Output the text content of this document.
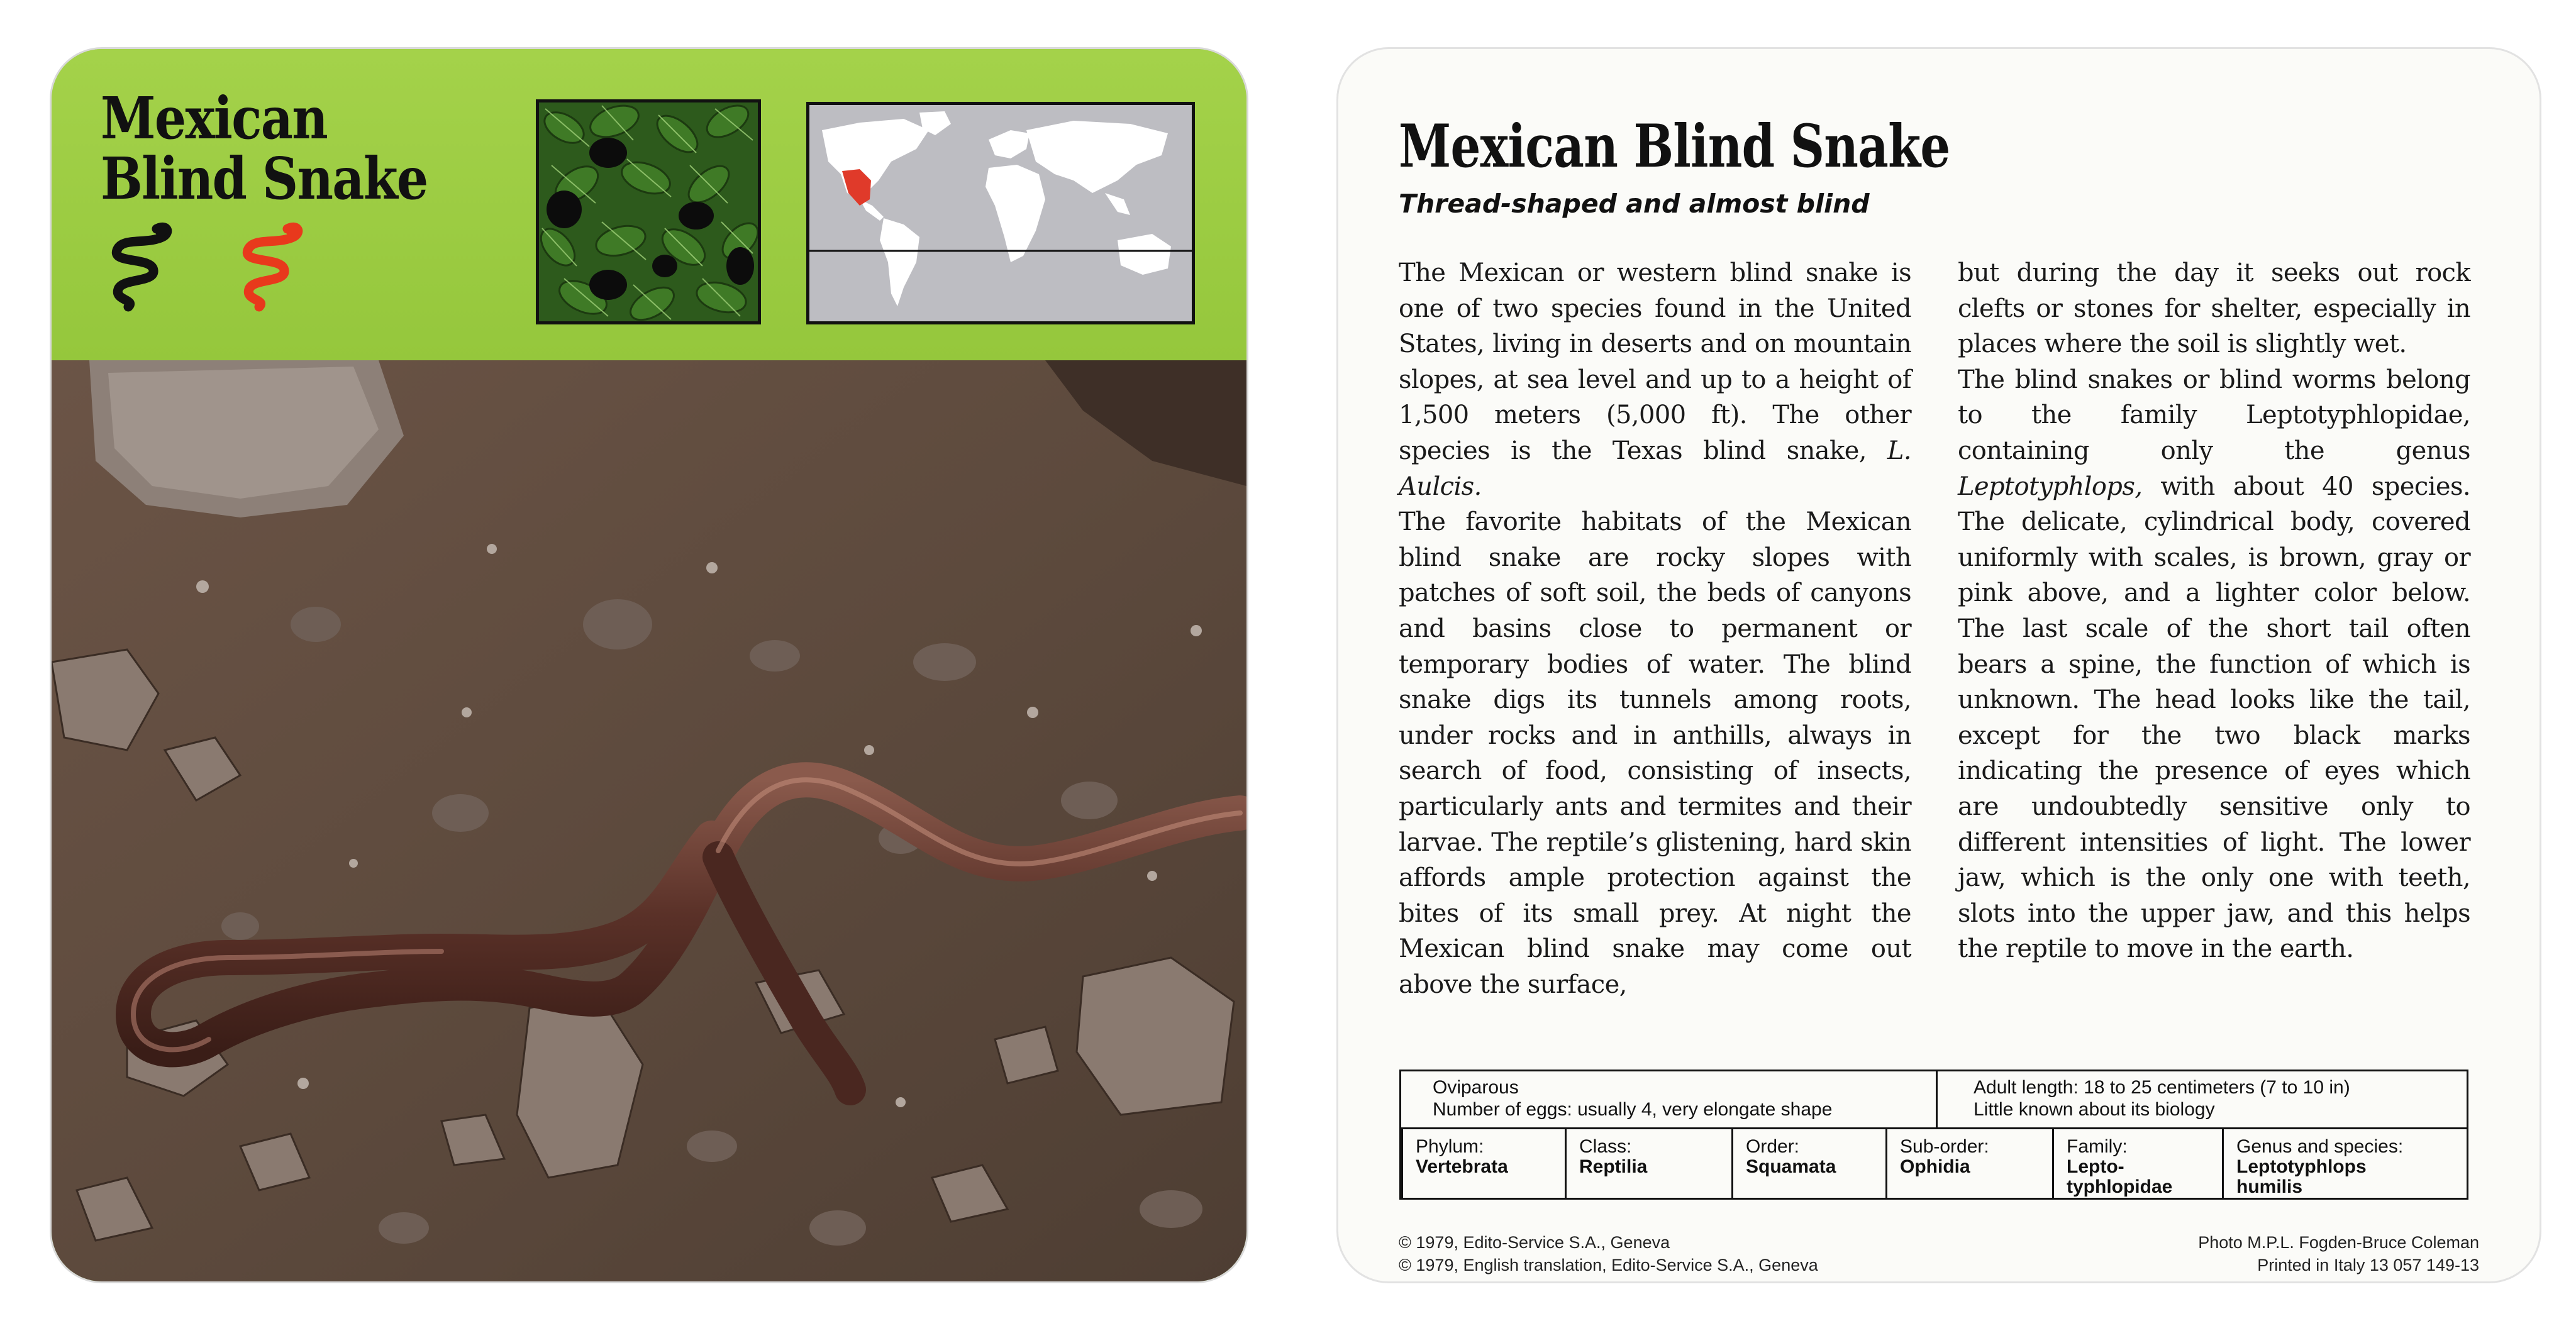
Mexican
Blind Snake	Mexican Blind Snake
Thread-shaped and almost blind

The Mexican or western blind snake is one of two species found in the United States, living in deserts and on mountain slopes, at sea level and up to a height of 1,500 meters (5,000 ft). The other species is the Texas blind snake, L. Aulcis.

The favorite habitats of the Mexican blind snake are rocky slopes with patches of soft soil, the beds of canyons and basins close to permanent or temporary bodies of water. The blind snake digs its tunnels among roots, under rocks and in anthills, always in search of food, consisting of insects, particularly ants and termites and their larvae. The reptile’s glistening, hard skin affords ample protection against the bites of its small prey. At night the Mexican blind snake may come out above the surface,

but during the day it seeks out rock clefts or stones for shelter, especially in places where the soil is slightly wet.

The blind snakes or blind worms belong to the family Leptotyphlopidae, containing only the genus Leptotyphlops, with about 40 species. The delicate, cylindrical body, covered uniformly with scales, is brown, gray or pink above, and a lighter color below. The last scale of the short tail often bears a spine, the function of which is unknown. The head looks like the tail, except for the two black marks indicating the presence of eyes which are undoubtedly sensitive only to different intensities of light. The lower jaw, which is the only one with teeth, slots into the upper jaw, and this helps the reptile to move in the earth.

Oviparous
Number of eggs: usually 4, very elongate shape
Adult length: 18 to 25 centimeters (7 to 10 in)
Little known about its biology
Phylum:
Vertebrata
Class:
Reptilia
Order:
Squamata
Sub-order:
Ophidia
Family:
Lepto-typhlopidae
Genus and species:
Leptotyphlops humilis
© 1979, Edito-Service S.A., Geneva
© 1979, English translation, Edito-Service S.A., Geneva
Photo M.P.L. Fogden-Bruce Coleman
Printed in Italy 13 057 149-13
